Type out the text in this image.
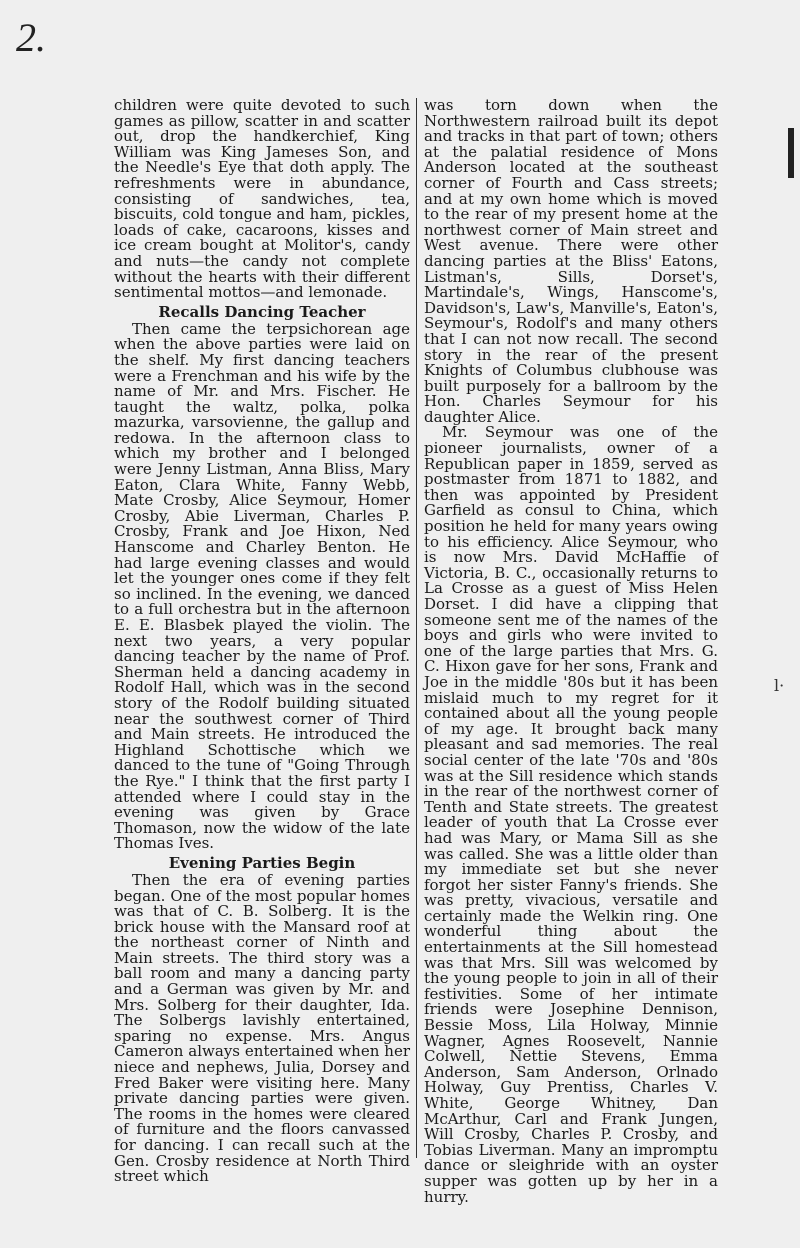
2.
l·

children were quite devoted to such games as pillow, scatter in and scatter out, drop the handkerchief, King William was King Jameses Son, and the Needle's Eye that doth apply. The refreshments were in abundance, consisting of sandwiches, tea, biscuits, cold tongue and ham, pickles, loads of cake, cacaroons, kisses and ice cream bought at Molitor's, candy and nuts—the candy not complete without the hearts with their different sentimental mottos—and lemonade.

Recalls Dancing Teacher

Then came the terpsichorean age when the above parties were laid on the shelf. My first dancing teachers were a Frenchman and his wife by the name of Mr. and Mrs. Fischer. He taught the waltz, polka, polka mazurka, varsovienne, the gallup and redowa. In the afternoon class to which my brother and I belonged were Jenny Listman, Anna Bliss, Mary Eaton, Clara White, Fanny Webb, Mate Crosby, Alice Seymour, Homer Crosby, Abie Liverman, Charles P. Crosby, Frank and Joe Hixon, Ned Hanscome and Charley Benton. He had large evening classes and would let the younger ones come if they felt so inclined. In the evening, we danced to a full orchestra but in the afternoon E. E. Blasbek played the violin. The next two years, a very popular dancing teacher by the name of Prof. Sherman held a dancing academy in Rodolf Hall, which was in the second story of the Rodolf building situated near the southwest corner of Third and Main streets. He introduced the Highland Schottische which we danced to the tune of "Going Through the Rye." I think that the first party I attended where I could stay in the evening was given by Grace Thomason, now the widow of the late Thomas Ives.

Evening Parties Begin

Then the era of evening parties began. One of the most popular homes was that of C. B. Solberg. It is the brick house with the Mansard roof at the northeast corner of Ninth and Main streets. The third story was a ball room and many a dancing party and a German was given by Mr. and Mrs. Solberg for their daughter, Ida. The Solbergs lavishly entertained, sparing no expense. Mrs. Angus Cameron always entertained when her niece and nephews, Julia, Dorsey and Fred Baker were visiting here. Many private dancing parties were given. The rooms in the homes were cleared of furniture and the floors canvassed for dancing. I can recall such at the Gen. Crosby residence at North Third street which

was torn down when the Northwestern railroad built its depot and tracks in that part of town; others at the palatial residence of Mons Anderson located at the southeast corner of Fourth and Cass streets; and at my own home which is moved to the rear of my present home at the northwest corner of Main street and West avenue. There were other dancing parties at the Bliss' Eatons, Listman's, Sills, Dorset's, Martindale's, Wings, Hanscome's, Davidson's, Law's, Manville's, Eaton's, Seymour's, Rodolf's and many others that I can not now recall. The second story in the rear of the present Knights of Columbus clubhouse was built purposely for a ballroom by the Hon. Charles Seymour for his daughter Alice.

Mr. Seymour was one of the pioneer journalists, owner of a Republican paper in 1859, served as postmaster from 1871 to 1882, and then was appointed by President Garfield as consul to China, which position he held for many years owing to his efficiency. Alice Seymour, who is now Mrs. David McHaffie of Victoria, B. C., occasionally returns to La Crosse as a guest of Miss Helen Dorset. I did have a clipping that someone sent me of the names of the boys and girls who were invited to one of the large parties that Mrs. G. C. Hixon gave for her sons, Frank and Joe in the middle '80s but it has been mislaid much to my regret for it contained about all the young people of my age. It brought back many pleasant and sad memories. The real social center of the late '70s and '80s was at the Sill residence which stands in the rear of the northwest corner of Tenth and State streets. The greatest leader of youth that La Crosse ever had was Mary, or Mama Sill as she was called. She was a little older than my immediate set but she never forgot her sister Fanny's friends. She was pretty, vivacious, versatile and certainly made the Welkin ring. One wonderful thing about the entertainments at the Sill homestead was that Mrs. Sill was welcomed by the young people to join in all of their festivities. Some of her intimate friends were Josephine Dennison, Bessie Moss, Lila Holway, Minnie Wagner, Agnes Roosevelt, Nannie Colwell, Nettie Stevens, Emma Anderson, Sam Anderson, Orlnado Holway, Guy Prentiss, Charles V. White, George Whitney, Dan McArthur, Carl and Frank Jungen, Will Crosby, Charles P. Crosby, and Tobias Liverman. Many an impromptu dance or sleighride with an oyster supper was gotten up by her in a hurry.
